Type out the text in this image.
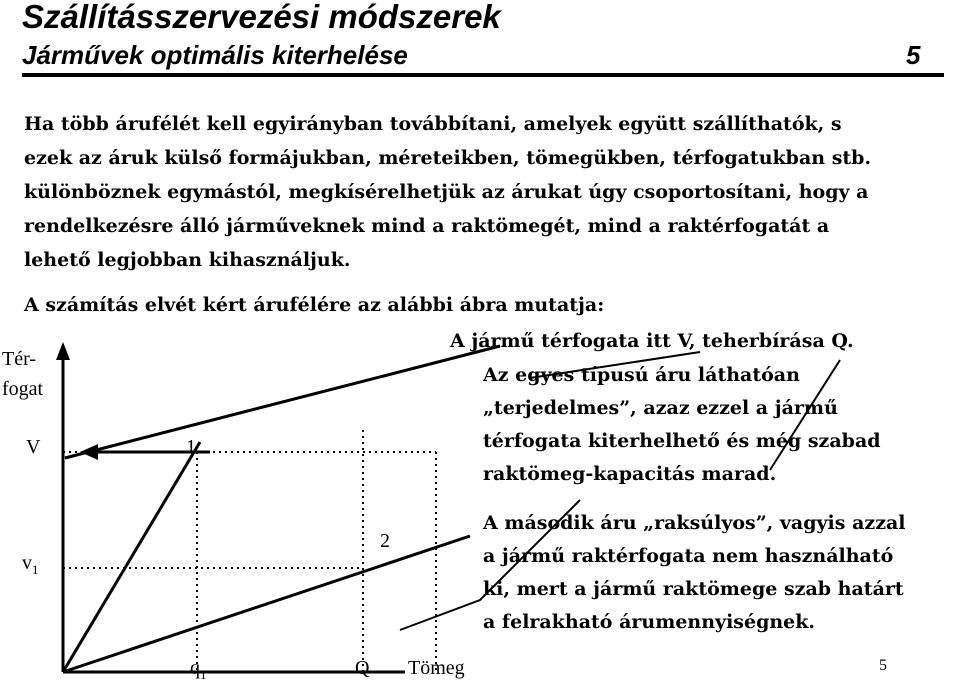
Szállításszervezési módszerek
Járművek optimális kiterhelése	5
Ha több árufélét kell egyirányban továbbítani, amelyek együtt szállíthatók, s
ezek az áruk külső formájukban, méreteikben, tömegükben, térfogatukban stb.
különböznek egymástól, megkísérelhetjük az árukat úgy csoportosítani, hogy a
rendelkezésre álló járműveknek mind a raktömegét, mind a raktérfogatát a
lehető legjobban kihasználjuk.
A számítás elvét kért árufélére az alábbi ábra mutatja:
Tér-
fogat
V
$v_1$
1
2
$q_1$	Q Tömeg
A jármű térfogata itt V, teherbírása Q.
Az egyes típusú áru láthatóan
„terjedelmes”, azaz ezzel a jármű
térfogata kiterhelhető és még szabad
raktömeg-kapacitás marad.
A második áru „raksúlyos”, vagyis azzal
a jármű raktérfogata nem használható
ki, mert a jármű raktömege szab határt
a felrakható árumennyiségnek.
5
